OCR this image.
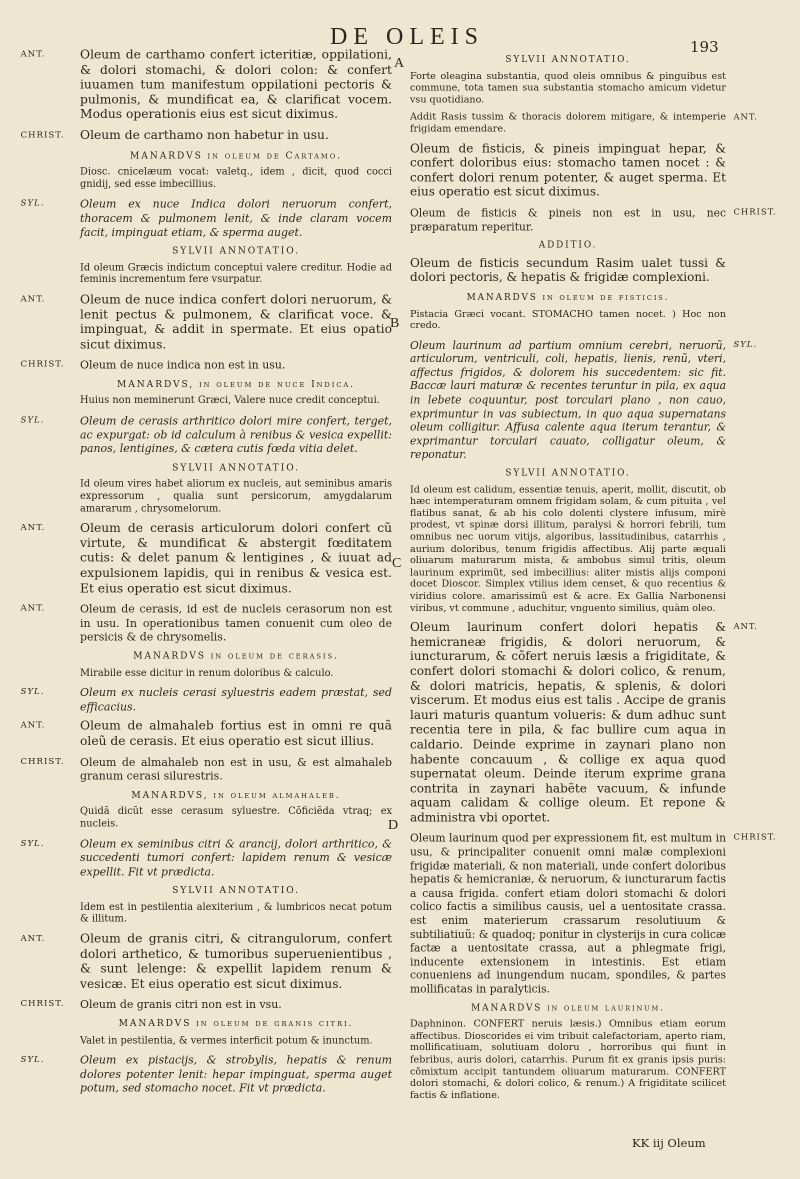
DE OLEIS	193
A
B
C
D
ANT.	Oleum de carthamo confert icteritiæ, oppilationi, & dolori stomachi, & dolori colon: & confert iuuamen tum manifestum oppilationi pectoris & pulmonis, & mundificat ea, & clarificat vocem. Modus operationis eius est sicut diximus.
CHRIST.	Oleum de carthamo non habetur in usu.
MANARDVS in oleum de Cartamo.
Diosc. cnicelæum vocat: valetq., idem , dicit, quod cocci gnidij, sed esse imbecillius.
SYL.	Oleum ex nuce Indica dolori neruorum confert, thoracem & pulmonem lenit, & inde claram vocem facit, impinguat etiam, & sperma auget.
SYLVII ANNOTATIO.
Id oleum Græcis indictum conceptui valere creditur. Hodie ad feminis incrementum fere vsurpatur.
ANT.	Oleum de nuce indica confert dolori neruorum, & lenit pectus & pulmonem, & clarificat voce. & impinguat, & addit in spermate. Et eius opatio sicut diximus.
CHRIST.	Oleum de nuce indica non est in usu.
MANARDVS, in oleum de nuce Indica.
Huius non meminerunt Græci, Valere nuce credit conceptui.
SYL.	Oleum de cerasis arthritico dolori mire confert, terget, ac expurgat: ob id calculum à renibus & vesica expellit: panos, lentigines, & cætera cutis fœda vitia delet.
SYLVII ANNOTATIO.
Id oleum vires habet aliorum ex nucleis, aut seminibus amaris expressorum , qualia sunt persicorum, amygdalarum amararum , chrysomelorum.
ANT.	Oleum de cerasis articulorum dolori confert cũ virtute, & mundificat & abstergit fœditatem cutis: & delet panum & lentigines , & iuuat ad expulsionem lapidis, qui in renibus & vesica est. Et eius operatio est sicut diximus.
ANT.	Oleum de cerasis, id est de nucleis cerasorum non est in usu. In operationibus tamen conuenit cum oleo de persicis & de chrysomelis.
MANARDVS in oleum de cerasis.
Mirabile esse dicitur in renum doloribus & calculo.
SYL.	Oleum ex nucleis cerasi syluestris eadem præstat, sed efficacius.
ANT.	Oleum de almahaleb fortius est in omni re quã oleũ de cerasis. Et eius operatio est sicut illius.
CHRIST.	Oleum de almahaleb non est in usu, & est almahaleb granum cerasi silurestris.
MANARDVS, in oleum almahaleb.
Quidã dicũt esse cerasum syluestre. Cõficiẽda vtraq; ex nucleis.
SYL.	Oleum ex seminibus citri & arancij, dolori arthritico, & succedenti tumori confert: lapidem renum & vesicæ expellit. Fit vt prædicta.
SYLVII ANNOTATIO.
Idem est in pestilentia alexiterium , & lumbricos necat potum & illitum.
ANT.	Oleum de granis citri, & citrangulorum, confert dolori arthetico, & tumoribus superuenientibus , & sunt lelenge: & expellit lapidem renum & vesicæ. Et eius operatio est sicut diximus.
CHRIST.	Oleum de granis citri non est in vsu.
MANARDVS in oleum de granis citri.
Valet in pestilentia, & vermes interficit potum & inunctum.
SYL.	Oleum ex pistacijs, & strobylis, hepatis & renum dolores potenter lenit: hepar impinguat, sperma auget potum, sed stomacho nocet. Fit vt prædicta.
SYLVII ANNOTATIO.
Forte oleagina substantia, quod oleis omnibus & pinguibus est commune, tota tamen sua substantia stomacho amicum videtur vsu quotidiano.
ANT.
Addit Rasis tussim & thoracis dolorem mitigare, & intemperie frigidam emendare.
Oleum de fisticis, & pineis impinguat hepar, & confert doloribus eius: stomacho tamen nocet : & confert dolori renum potenter, & auget sperma. Et eius operatio est sicut diximus.
CHRIST.
Oleum de fisticis & pineis non est in usu, nec præparatum reperitur.
ADDITIO.
Oleum de fisticis secundum Rasim ualet tussi & dolori pectoris, & hepatis & frigidæ complexioni.
MANARDVS in oleum de fisticis.
Pistacia Græci vocant. STOMACHO tamen nocet. ) Hoc non credo.
SYL.
Oleum laurinum ad partium omnium cerebri, neruorũ, articulorum, ventriculi, coli, hepatis, lienis, renũ, vteri, affectus frigidos, & dolorem his succedentem: sic fit. Baccæ lauri maturæ & recentes teruntur in pila, ex aqua in lebete coquuntur, post torculari plano , non cauo, exprimuntur in vas subiectum, in quo aqua supernatans oleum colligitur. Affusa calente aqua iterum terantur, & exprimantur torculari cauato, colligatur oleum, & reponatur.
SYLVII ANNOTATIO.
Id oleum est calidum, essentiæ tenuis, aperit, mollit, discutit, ob hæc intemperaturam omnem frigidam solam, & cum pituita , vel flatibus sanat, & ab his colo dolenti clystere infusum, mirè prodest, vt spinæ dorsi illitum, paralysi & horrori febrili, tum omnibus nec uorum vitijs, algoribus, lassitudinibus, catarrhis , aurium doloribus, tenum frigidis affectibus. Alij parte æquali oliuarum maturarum mista, & ambobus simul tritis, oleum laurinum exprimũt, sed imbecillius: aliter mistis alijs componi docet Dioscor. Simplex vtilius idem censet, & quo recentius & viridius colore. amarissimũ est & acre. Ex Gallia Narbonensi viribus, vt commune , aduchitur, vnguento similius, quàm oleo.
ANT.
Oleum laurinum confert dolori hepatis & hemicraneæ frigidis, & dolori neruorum, & iuncturarum, & cõfert neruis læsis a frigiditate, & confert dolori stomachi & dolori colico, & renum, & dolori matricis, hepatis, & splenis, & dolori viscerum. Et modus eius est talis . Accipe de granis lauri maturis quantum volueris: & dum adhuc sunt recentia tere in pila, & fac bullire cum aqua in caldario. Deinde exprime in zaynari plano non habente concauum , & collige ex aqua quod supernatat oleum. Deinde iterum exprime grana contrita in zaynari habẽte vacuum, & infunde aquam calidam & collige oleum. Et repone & administra vbi oportet.
CHRIST.
Oleum laurinum quod per expressionem fit, est multum in usu, & principaliter conuenit omni malæ complexioni frigidæ materiali, & non materiali, unde confert doloribus hepatis & hemicraniæ, & neruorum, & iuncturarum factis a causa frigida. confert etiam dolori stomachi & dolori colico factis a similibus causis, uel a uentositate crassa. est enim materierum crassarum resolutiuum & subtiliatiuũ: & quadoq; ponitur in clysterijs in cura colicæ factæ a uentositate crassa, aut a phlegmate frigi, inducente extensionem in intestinis. Est etiam conueniens ad inungendum nucam, spondiles, & partes mollificatas in paralyticis.
MANARDVS in oleum laurinum.
Daphninon. CONFERT neruis læsis.) Omnibus etiam eorum affectibus. Dioscorides ei vim tribuit calefactoriam, aperto riam, mollificatiuam, solutiuam doloru , horroribus qui fiunt in febribus, auris dolori, catarrhis. Purum fit ex granis ipsis puris: cõmixtum accipit tantundem oliuarum maturarum. CONFERT dolori stomachi, & dolori colico, & renum.) A frigiditate scilicet factis & inflatione.
KK iij Oleum
